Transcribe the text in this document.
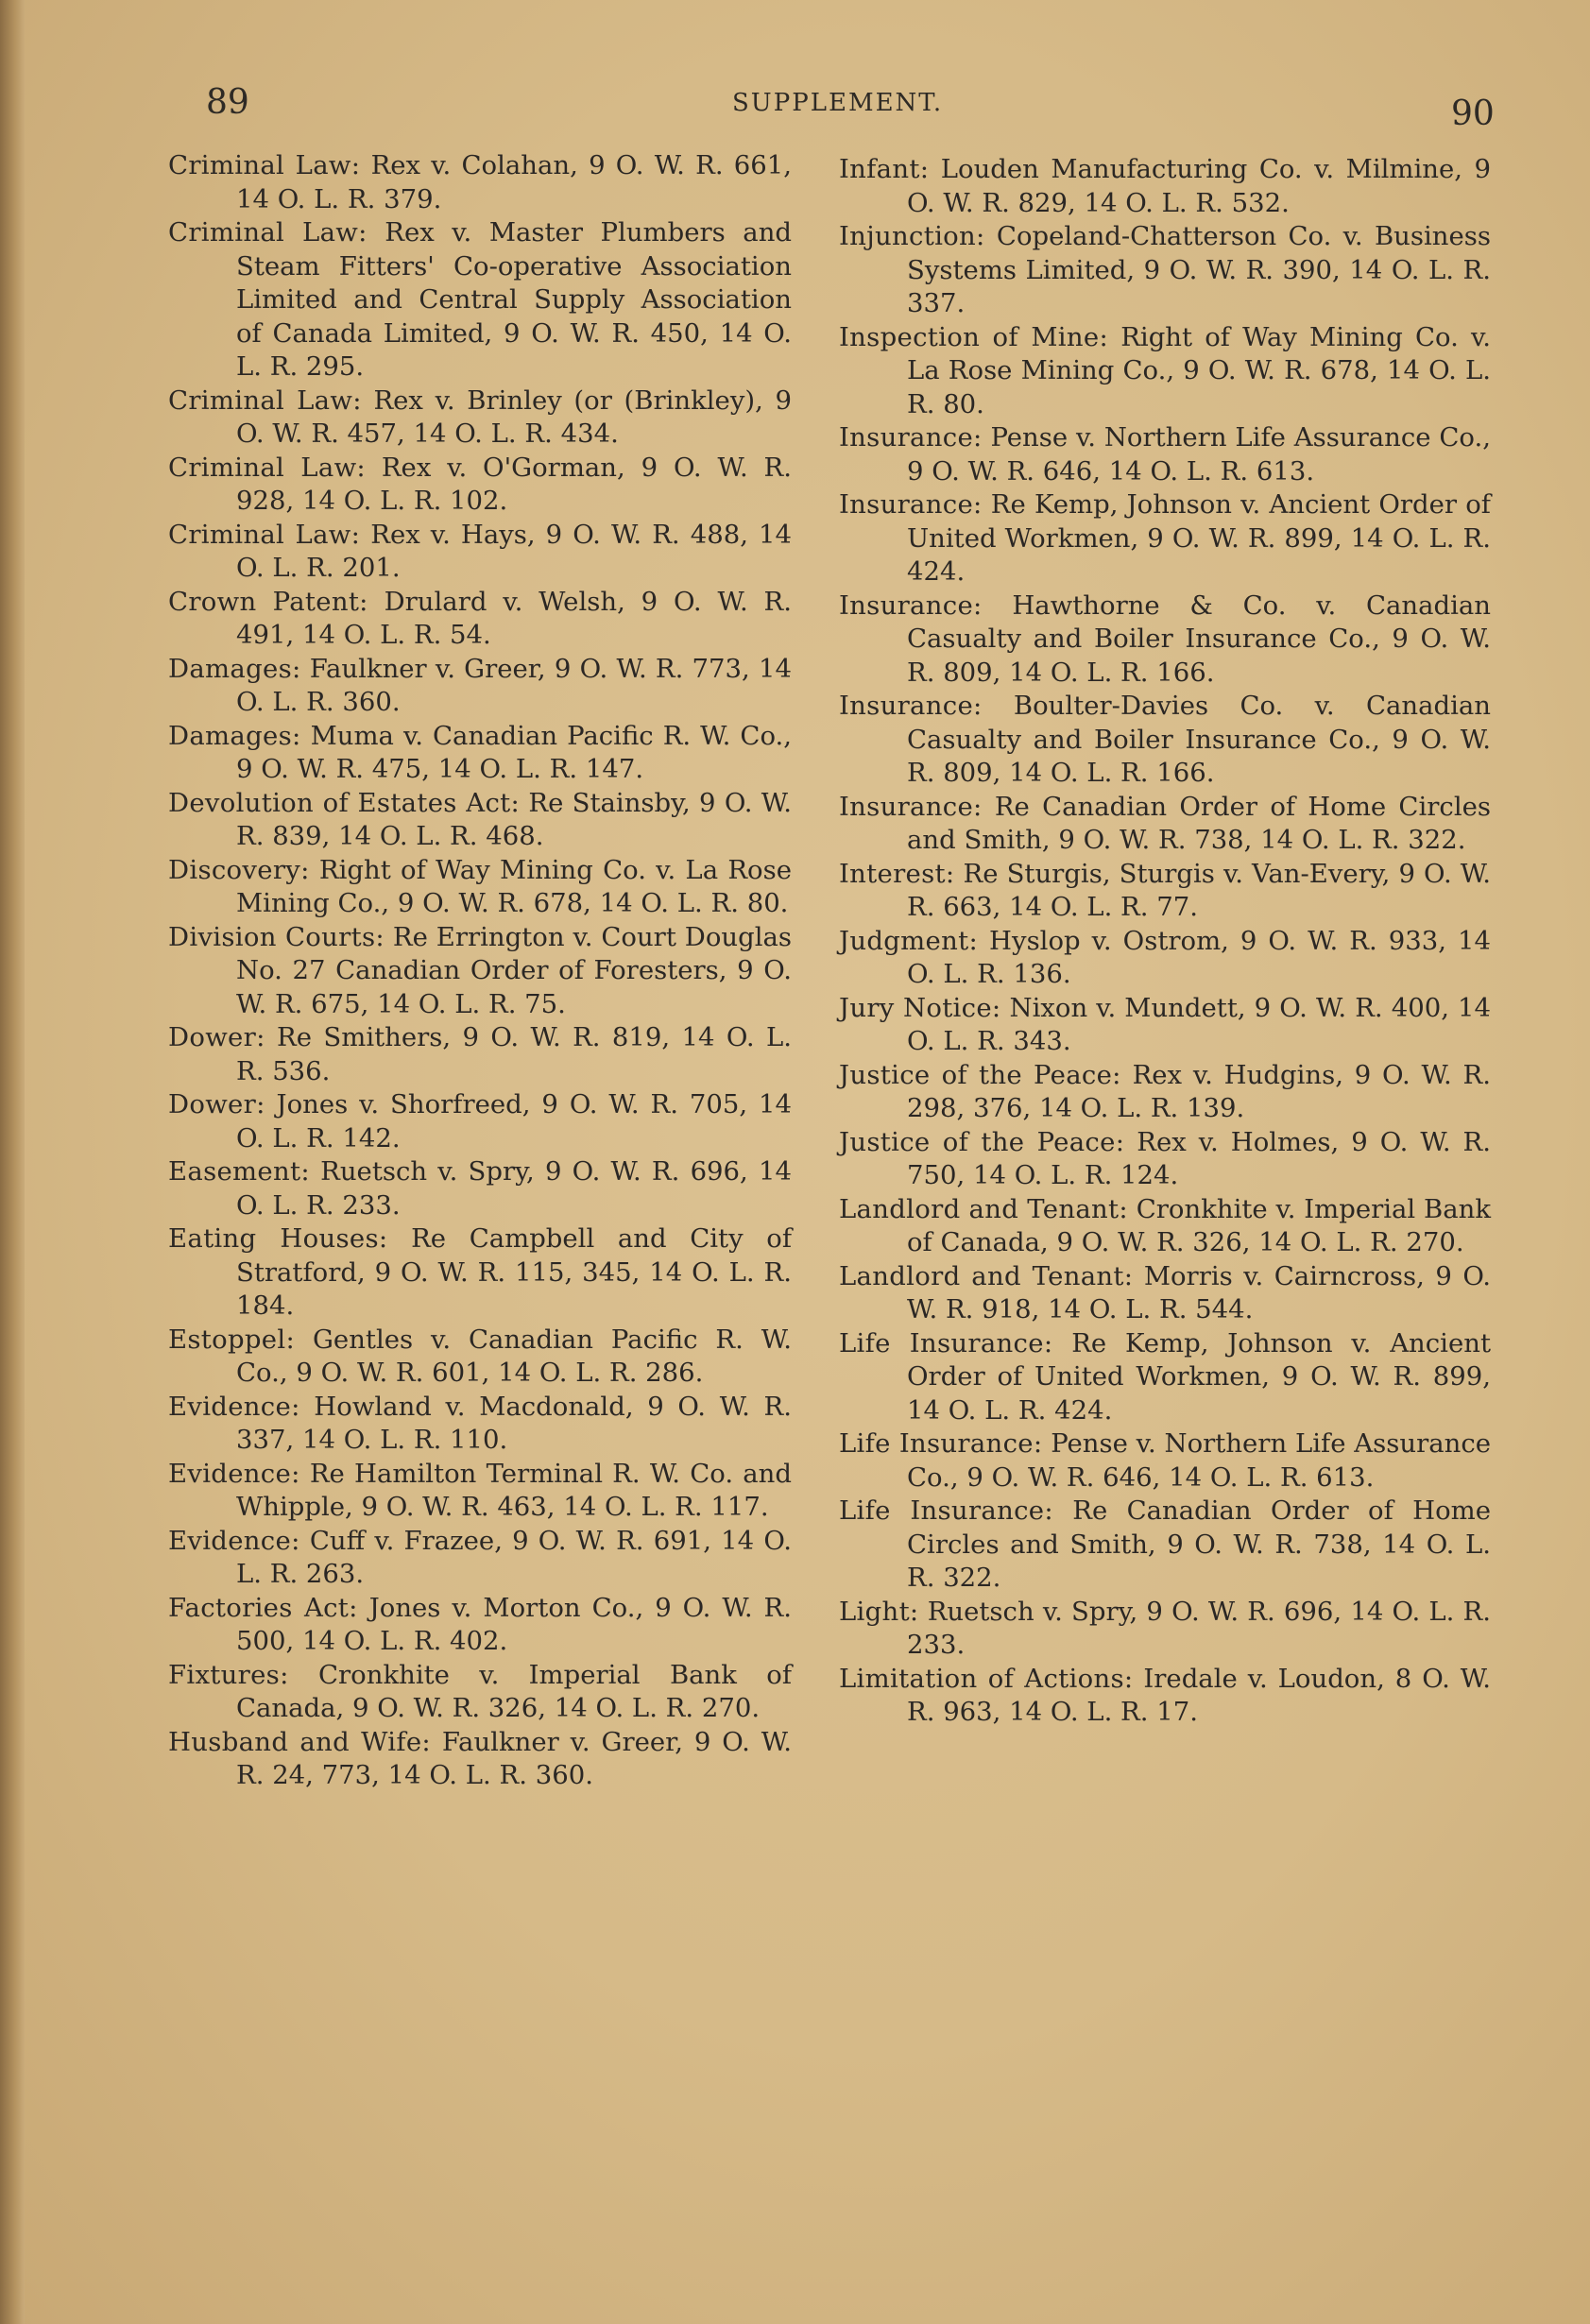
89	SUPPLEMENT.	90
Criminal Law: Rex v. Colahan, 9 O. W. R. 661, 14 O. L. R. 379.
Criminal Law: Rex v. Master Plumbers and Steam Fitters' Co-operative Association Limited and Central Supply Association of Canada Limited, 9 O. W. R. 450, 14 O. L. R. 295.
Criminal Law: Rex v. Brinley (or (Brinkley), 9 O. W. R. 457, 14 O. L. R. 434.
Criminal Law: Rex v. O'Gorman, 9 O. W. R. 928, 14 O. L. R. 102.
Criminal Law: Rex v. Hays, 9 O. W. R. 488, 14 O. L. R. 201.
Crown Patent: Drulard v. Welsh, 9 O. W. R. 491, 14 O. L. R. 54.
Damages: Faulkner v. Greer, 9 O. W. R. 773, 14 O. L. R. 360.
Damages: Muma v. Canadian Pacific R. W. Co., 9 O. W. R. 475, 14 O. L. R. 147.
Devolution of Estates Act: Re Stainsby, 9 O. W. R. 839, 14 O. L. R. 468.
Discovery: Right of Way Mining Co. v. La Rose Mining Co., 9 O. W. R. 678, 14 O. L. R. 80.
Division Courts: Re Errington v. Court Douglas No. 27 Canadian Order of Foresters, 9 O. W. R. 675, 14 O. L. R. 75.
Dower: Re Smithers, 9 O. W. R. 819, 14 O. L. R. 536.
Dower: Jones v. Shorfreed, 9 O. W. R. 705, 14 O. L. R. 142.
Easement: Ruetsch v. Spry, 9 O. W. R. 696, 14 O. L. R. 233.
Eating Houses: Re Campbell and City of Stratford, 9 O. W. R. 115, 345, 14 O. L. R. 184.
Estoppel: Gentles v. Canadian Pacific R. W. Co., 9 O. W. R. 601, 14 O. L. R. 286.
Evidence: Howland v. Macdonald, 9 O. W. R. 337, 14 O. L. R. 110.
Evidence: Re Hamilton Terminal R. W. Co. and Whipple, 9 O. W. R. 463, 14 O. L. R. 117.
Evidence: Cuff v. Frazee, 9 O. W. R. 691, 14 O. L. R. 263.
Factories Act: Jones v. Morton Co., 9 O. W. R. 500, 14 O. L. R. 402.
Fixtures: Cronkhite v. Imperial Bank of Canada, 9 O. W. R. 326, 14 O. L. R. 270.
Husband and Wife: Faulkner v. Greer, 9 O. W. R. 24, 773, 14 O. L. R. 360.
Infant: Louden Manufacturing Co. v. Milmine, 9 O. W. R. 829, 14 O. L. R. 532.
Injunction: Copeland-Chatterson Co. v. Business Systems Limited, 9 O. W. R. 390, 14 O. L. R. 337.
Inspection of Mine: Right of Way Mining Co. v. La Rose Mining Co., 9 O. W. R. 678, 14 O. L. R. 80.
Insurance: Pense v. Northern Life Assurance Co., 9 O. W. R. 646, 14 O. L. R. 613.
Insurance: Re Kemp, Johnson v. Ancient Order of United Workmen, 9 O. W. R. 899, 14 O. L. R. 424.
Insurance: Hawthorne & Co. v. Canadian Casualty and Boiler Insurance Co., 9 O. W. R. 809, 14 O. L. R. 166.
Insurance: Boulter-Davies Co. v. Canadian Casualty and Boiler Insurance Co., 9 O. W. R. 809, 14 O. L. R. 166.
Insurance: Re Canadian Order of Home Circles and Smith, 9 O. W. R. 738, 14 O. L. R. 322.
Interest: Re Sturgis, Sturgis v. Van-Every, 9 O. W. R. 663, 14 O. L. R. 77.
Judgment: Hyslop v. Ostrom, 9 O. W. R. 933, 14 O. L. R. 136.
Jury Notice: Nixon v. Mundett, 9 O. W. R. 400, 14 O. L. R. 343.
Justice of the Peace: Rex v. Hudgins, 9 O. W. R. 298, 376, 14 O. L. R. 139.
Justice of the Peace: Rex v. Holmes, 9 O. W. R. 750, 14 O. L. R. 124.
Landlord and Tenant: Cronkhite v. Imperial Bank of Canada, 9 O. W. R. 326, 14 O. L. R. 270.
Landlord and Tenant: Morris v. Cairncross, 9 O. W. R. 918, 14 O. L. R. 544.
Life Insurance: Re Kemp, Johnson v. Ancient Order of United Workmen, 9 O. W. R. 899, 14 O. L. R. 424.
Life Insurance: Pense v. Northern Life Assurance Co., 9 O. W. R. 646, 14 O. L. R. 613.
Life Insurance: Re Canadian Order of Home Circles and Smith, 9 O. W. R. 738, 14 O. L. R. 322.
Light: Ruetsch v. Spry, 9 O. W. R. 696, 14 O. L. R. 233.
Limitation of Actions: Iredale v. Loudon, 8 O. W. R. 963, 14 O. L. R. 17.
